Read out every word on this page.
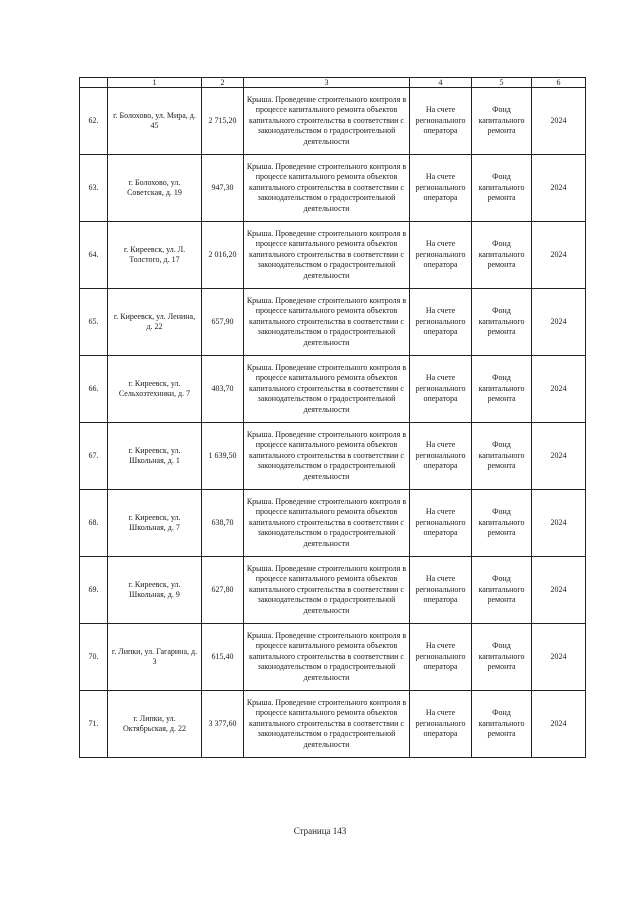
	1	2	3	4	5	6
62.	г. Болохово, ул. Мира, д. 45	2 715,20	Крыша. Проведение строительного контроля в процессе капитального ремонта объектов капитального строительства в соответствии с законодательством о градостроительной деятельности	На счете регионального оператора	Фонд капитального ремонта	2024
63.	г. Болохово, ул. Советская, д. 19	947,30	Крыша. Проведение строительного контроля в процессе капитального ремонта объектов капитального строительства в соответствии с законодательством о градостроительной деятельности	На счете регионального оператора	Фонд капитального ремонта	2024
64.	г. Киреевск, ул. Л. Толстого, д. 17	2 016,20	Крыша. Проведение строительного контроля в процессе капитального ремонта объектов капитального строительства в соответствии с законодательством о градостроительной деятельности	На счете регионального оператора	Фонд капитального ремонта	2024
65.	г. Киреевск, ул. Ленина, д. 22	657,90	Крыша. Проведение строительного контроля в процессе капитального ремонта объектов капитального строительства в соответствии с законодательством о градостроительной деятельности	На счете регионального оператора	Фонд капитального ремонта	2024
66.	г. Киреевск, ул. Сельхозтехники, д. 7	403,70	Крыша. Проведение строительного контроля в процессе капитального ремонта объектов капитального строительства в соответствии с законодательством о градостроительной деятельности	На счете регионального оператора	Фонд капитального ремонта	2024
67.	г. Киреевск, ул. Школьная, д. 1	1 639,50	Крыша. Проведение строительного контроля в процессе капитального ремонта объектов капитального строительства в соответствии с законодательством о градостроительной деятельности	На счете регионального оператора	Фонд капитального ремонта	2024
68.	г. Киреевск, ул. Школьная, д. 7	638,70	Крыша. Проведение строительного контроля в процессе капитального ремонта объектов капитального строительства в соответствии с законодательством о градостроительной деятельности	На счете регионального оператора	Фонд капитального ремонта	2024
69.	г. Киреевск, ул. Школьная, д. 9	627,80	Крыша. Проведение строительного контроля в процессе капитального ремонта объектов капитального строительства в соответствии с законодательством о градостроительной деятельности	На счете регионального оператора	Фонд капитального ремонта	2024
70.	г. Липки, ул. Гагарина, д. 3	615,40	Крыша. Проведение строительного контроля в процессе капитального ремонта объектов капитального строительства в соответствии с законодательством о градостроительной деятельности	На счете регионального оператора	Фонд капитального ремонта	2024
71.	г. Липки, ул. Октябрьская, д. 22	3 377,60	Крыша. Проведение строительного контроля в процессе капитального ремонта объектов капитального строительства в соответствии с законодательством о градостроительной деятельности	На счете регионального оператора	Фонд капитального ремонта	2024
Страница 143
